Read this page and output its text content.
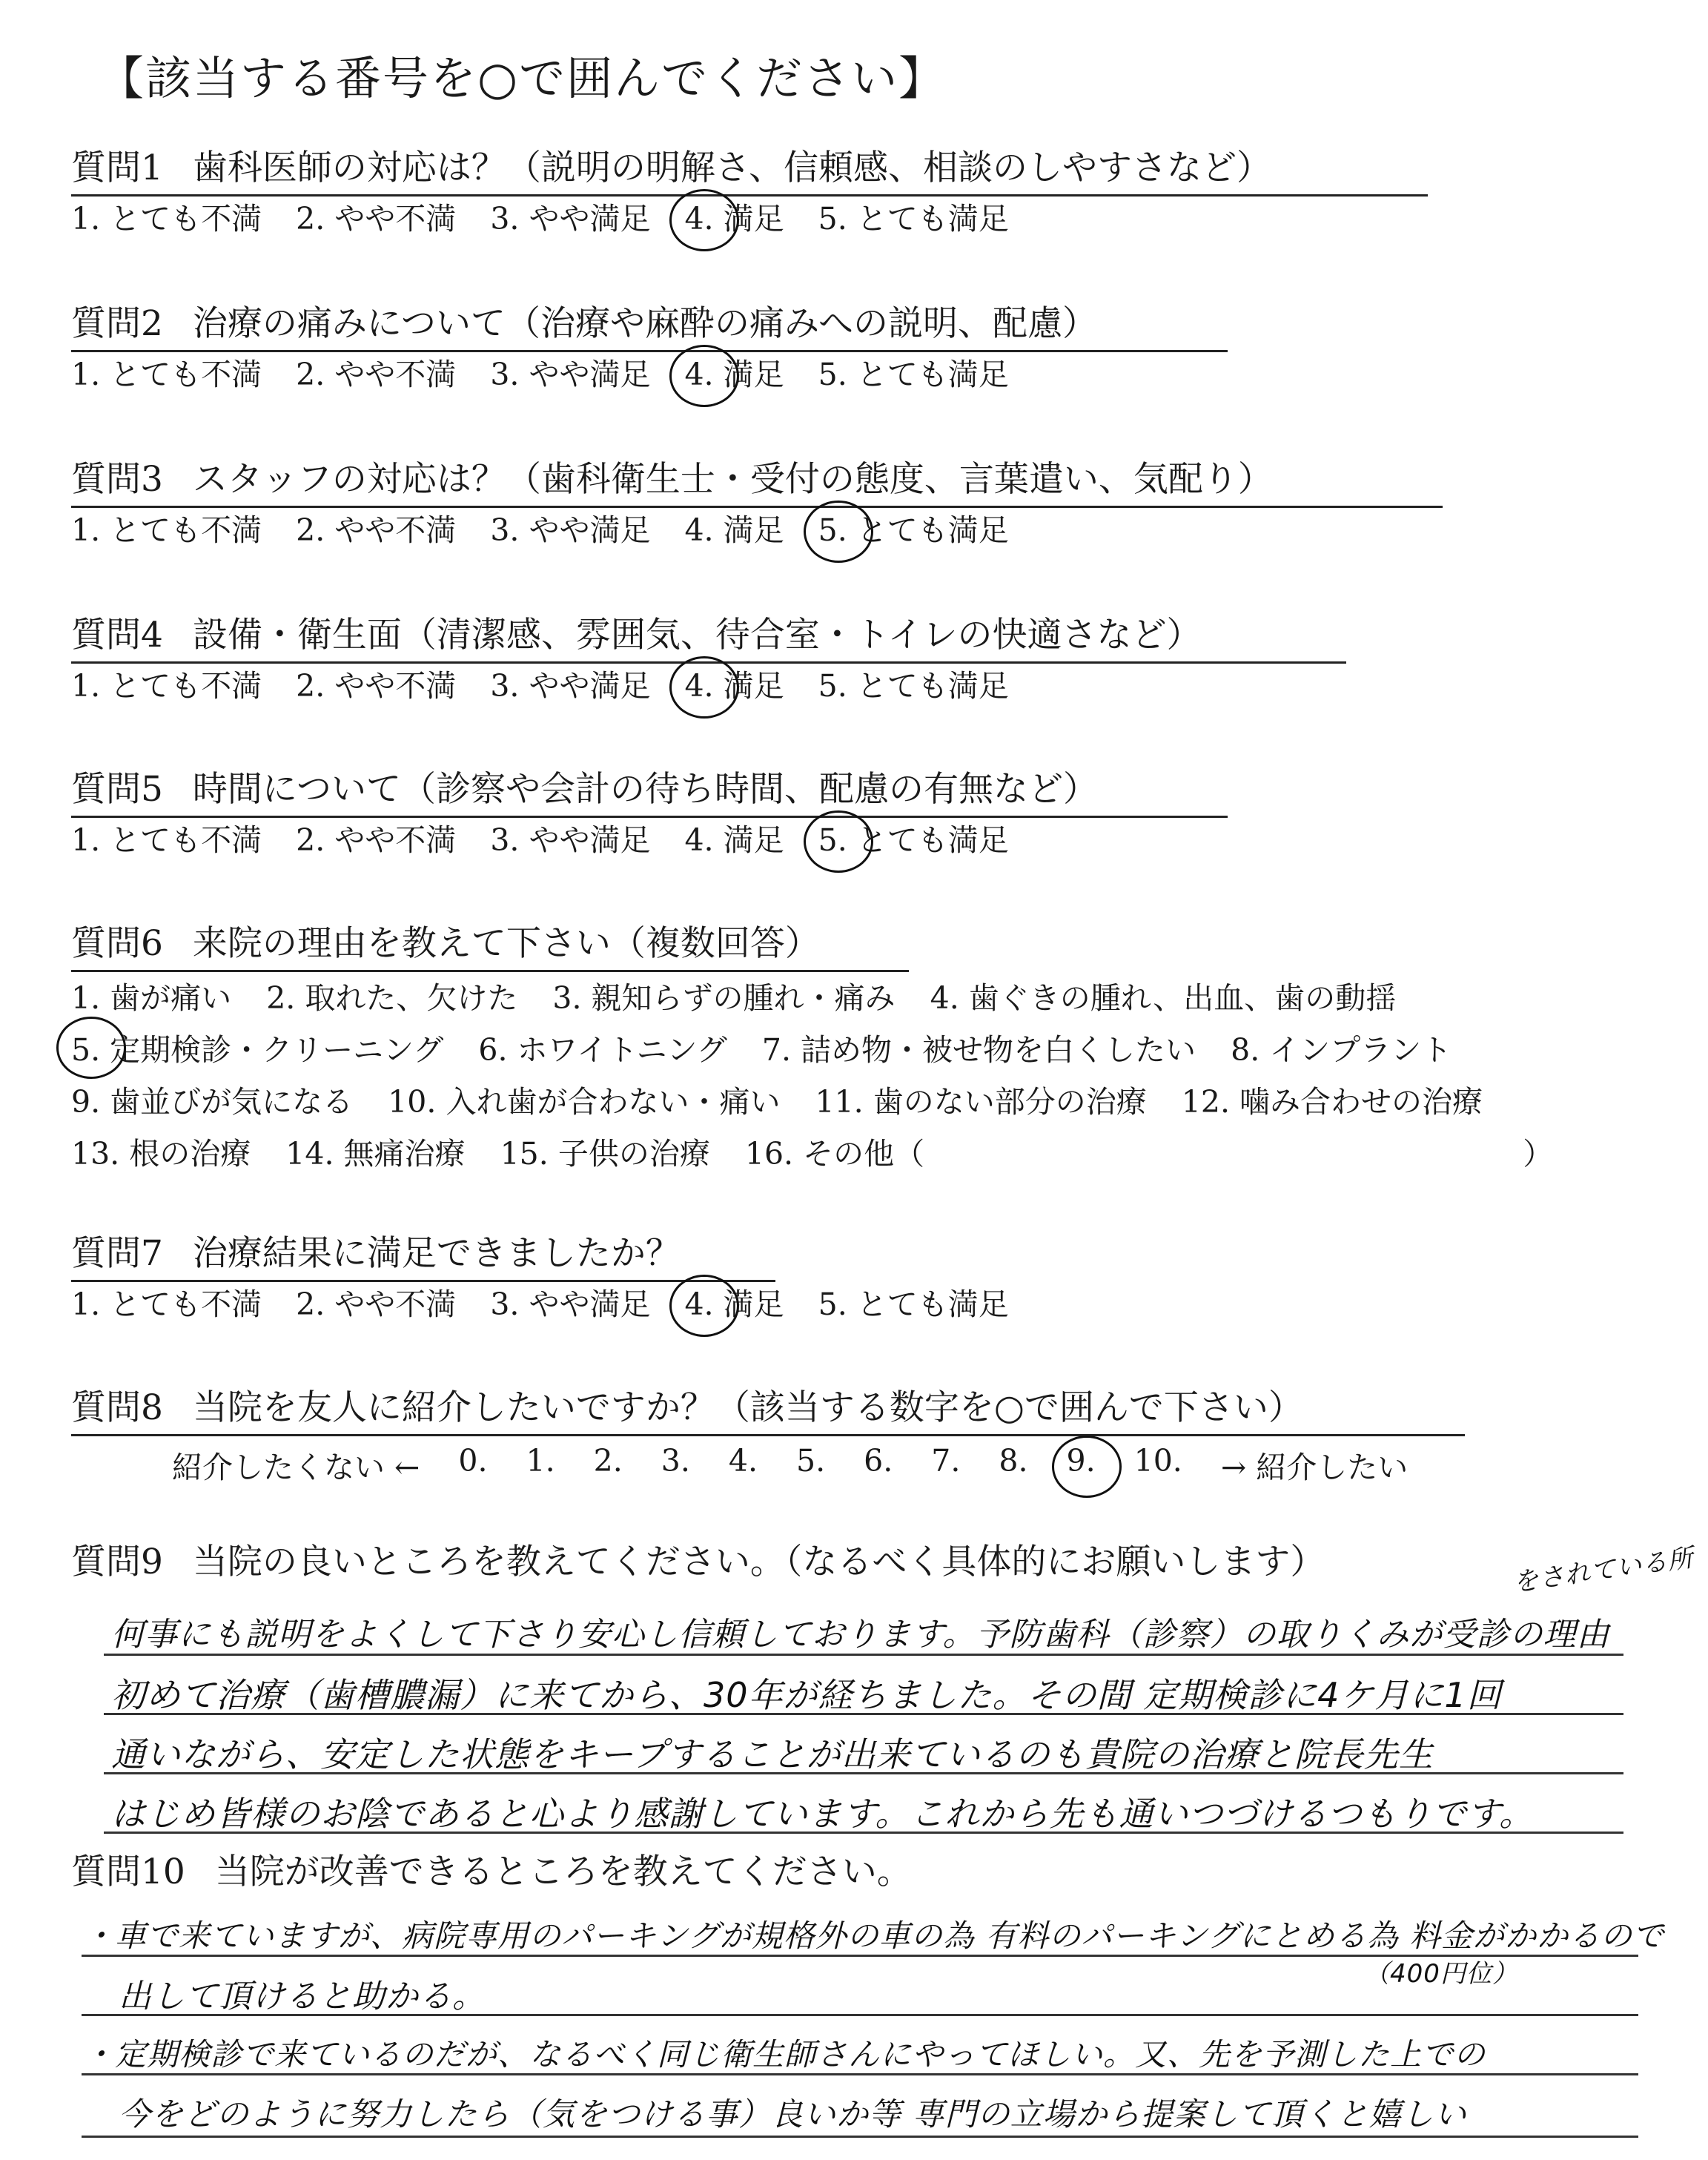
【該当する番号を○で囲んでください】
質問1 歯科医師の対応は？（説明の明解さ、信頼感、相談のしやすさなど）
1. とても不満 2. やや不満 3. やや満足 4. 満足 5. とても満足
質問2 治療の痛みについて（治療や麻酔の痛みへの説明、配慮）
1. とても不満 2. やや不満 3. やや満足 4. 満足 5. とても満足
質問3 スタッフの対応は？（歯科衛生士・受付の態度、言葉遣い、気配り）
1. とても不満 2. やや不満 3. やや満足 4. 満足 5. とても満足
質問4 設備・衛生面（清潔感、雰囲気、待合室・トイレの快適さなど）
1. とても不満 2. やや不満 3. やや満足 4. 満足 5. とても満足
質問5 時間について（診察や会計の待ち時間、配慮の有無など）
1. とても不満 2. やや不満 3. やや満足 4. 満足 5. とても満足
質問6 来院の理由を教えて下さい（複数回答）
1. 歯が痛い 2. 取れた、欠けた 3. 親知らずの腫れ・痛み 4. 歯ぐきの腫れ、出血、歯の動揺
5. 定期検診・クリーニング 6. ホワイトニング 7. 詰め物・被せ物を白くしたい 8. インプラント
9. 歯並びが気になる 10. 入れ歯が合わない・痛い 11. 歯のない部分の治療 12. 噛み合わせの治療
13. 根の治療 14. 無痛治療 15. 子供の治療 16. その他（	）
質問7 治療結果に満足できましたか？
1. とても不満 2. やや不満 3. やや満足 4. 満足 5. とても満足
質問8 当院を友人に紹介したいですか？（該当する数字を○で囲んで下さい）
紹介したくない ← 0. 1. 2. 3. 4. 5. 6. 7. 8. 9. 10. → 紹介したい
質問9 当院の良いところを教えてください。（なるべく具体的にお願いします）	をされている所
何事にも説明をよくして下さり安心し信頼しております。予防歯科（診察）の取りくみが受診の理由
初めて治療（歯槽膿漏）に来てから、30年が経ちました。その間 定期検診に4ケ月に1回
通いながら、安定した状態をキープすることが出来ているのも貴院の治療と院長先生
はじめ皆様のお陰であると心より感謝しています。これから先も通いつづけるつもりです。
質問10 当院が改善できるところを教えてください。
・車で来ていますが、病院専用のパーキングが規格外の車の為 有料のパーキングにとめる為 料金がかかるので
（400円位）
出して頂けると助かる。
・定期検診で来ているのだが、なるべく同じ衛生師さんにやってほしい。又、先を予測した上での
今をどのように努力したら（気をつける事）良いか等 専門の立場から提案して頂くと嬉しい
